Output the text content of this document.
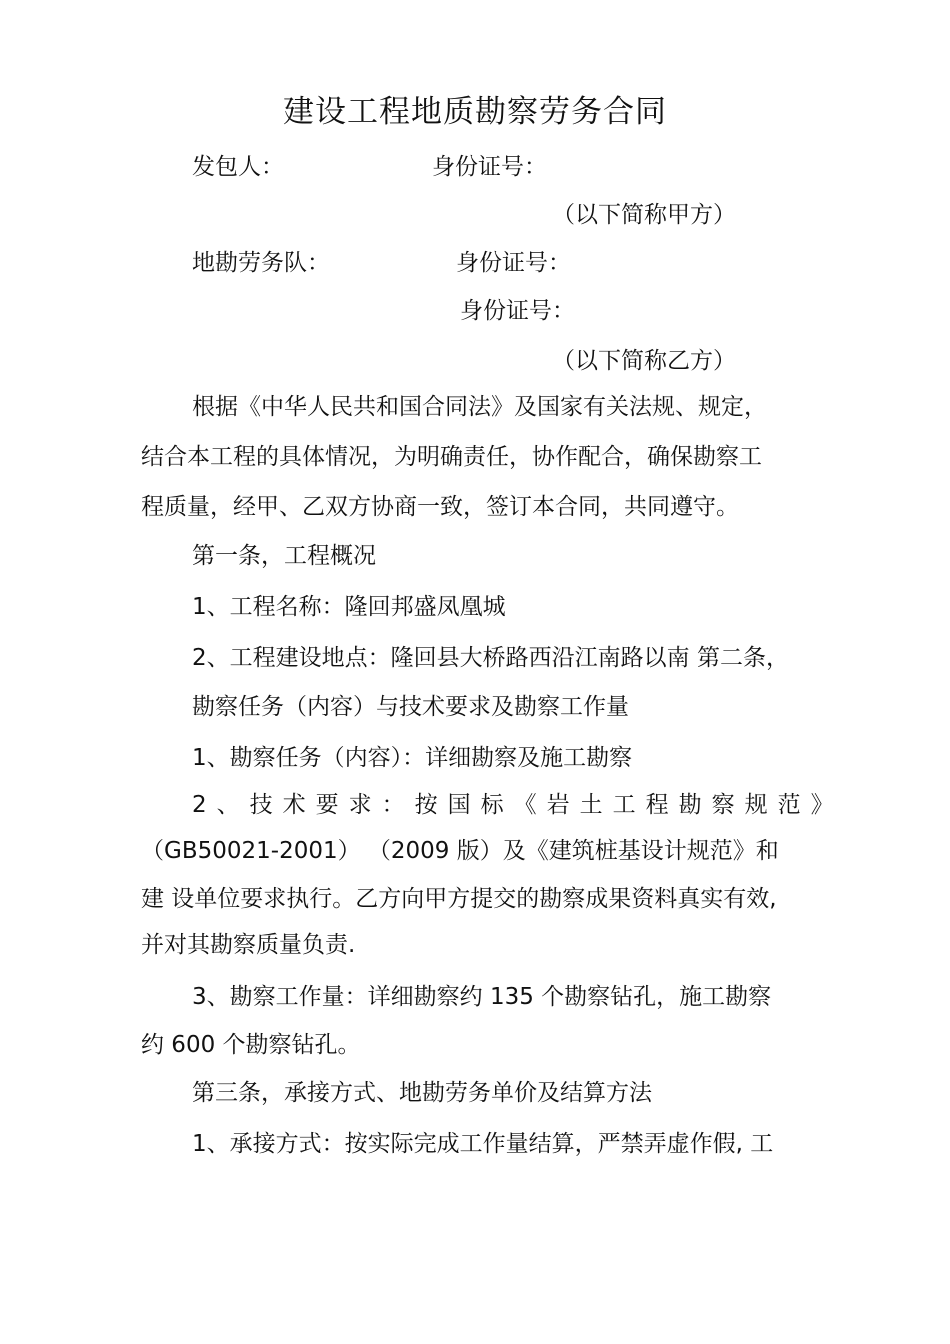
建设工程地质勘察劳务合同
发包人：	身份证号：
（以下简称甲方）
地勘劳务队：	身份证号：
身份证号：
（以下简称乙方）
根据《中华人民共和国合同法》及国家有关法规、规定，
结合本工程的具体情况，为明确责任，协作配合，确保勘察工
程质量，经甲、乙双方协商一致，签订本合同，共同遵守。
第一条，工程概况
1、工程名称：隆回邦盛凤凰城
2、工程建设地点：隆回县大桥路西沿江南路以南 第二条，
勘察任务（内容）与技术要求及勘察工作量
1、勘察任务（内容）：详细勘察及施工勘察
2、技术要求：按国标《岩土工程勘察规范》
（GB50021-2001） （2009 版）及《建筑桩基设计规范》和
建 设单位要求执行。乙方向甲方提交的勘察成果资料真实有效,
并对其勘察质量负责.
3、勘察工作量：详细勘察约 135 个勘察钻孔，施工勘察
约 600 个勘察钻孔。
第三条，承接方式、地勘劳务单价及结算方法
1、承接方式：按实际完成工作量结算，严禁弄虚作假, 工
